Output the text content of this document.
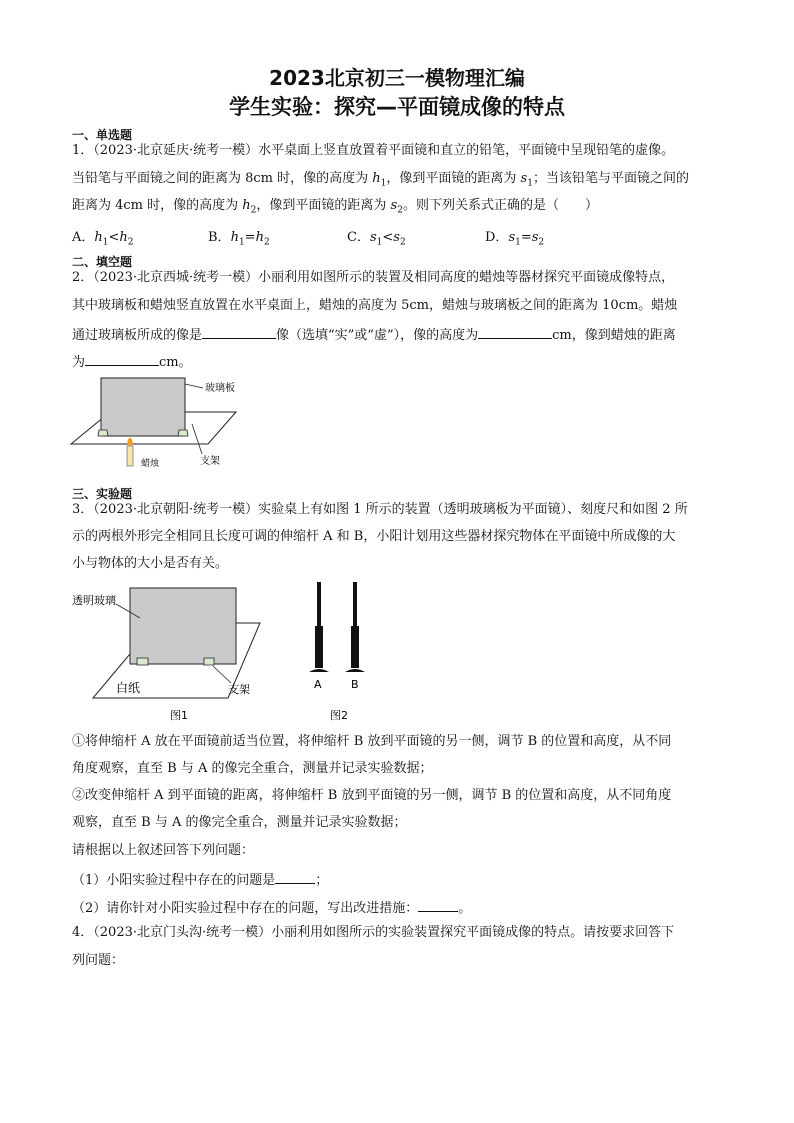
2023北京初三一模物理汇编
学生实验：探究—平面镜成像的特点
一、单选题
1．（2023·北京延庆·统考一模）水平桌面上竖直放置着平面镜和直立的铅笔，平面镜中呈现铅笔的虚像。
当铅笔与平面镜之间的距离为 8cm 时，像的高度为 $h_1$，像到平面镜的距离为 $s_1$；当该铅笔与平面镜之间的
距离为 4cm 时，像的高度为 $h_2$，像到平面镜的距离为 $s_2$。则下列关系式正确的是（　　）
A．$h_1<h_2$	B．$h_1=h_2$	C．$s_1<s_2$	D．$s_1=s_2$
二、填空题
2．（2023·北京西城·统考一模）小丽利用如图所示的装置及相同高度的蜡烛等器材探究平面镜成像特点，
其中玻璃板和蜡烛竖直放置在水平桌面上，蜡烛的高度为 5cm，蜡烛与玻璃板之间的距离为 10cm。蜡烛
通过玻璃板所成的像是	像（选填“实”或“虚”），像的高度为	cm，像到蜡烛的距离
为	cm。
玻璃板
蜡烛	支架
三、实验题
3．（2023·北京朝阳·统考一模）实验桌上有如图 1 所示的装置（透明玻璃板为平面镜）、刻度尺和如图 2 所
示的两根外形完全相同且长度可调的伸缩杆 A 和 B，小阳计划用这些器材探究物体在平面镜中所成像的大
小与物体的大小是否有关。
透明玻璃
白纸	支架
图1
A	B
图2
①将伸缩杆 A 放在平面镜前适当位置，将伸缩杆 B 放到平面镜的另一侧，调节 B 的位置和高度，从不同
角度观察，直至 B 与 A 的像完全重合，测量并记录实验数据；
②改变伸缩杆 A 到平面镜的距离，将伸缩杆 B 放到平面镜的另一侧，调节 B 的位置和高度，从不同角度
观察，直至 B 与 A 的像完全重合，测量并记录实验数据；
请根据以上叙述回答下列问题：
（1）小阳实验过程中存在的问题是	；
（2）请你针对小阳实验过程中存在的问题，写出改进措施：	。
4．（2023·北京门头沟·统考一模）小丽利用如图所示的实验装置探究平面镜成像的特点。请按要求回答下
列问题：
